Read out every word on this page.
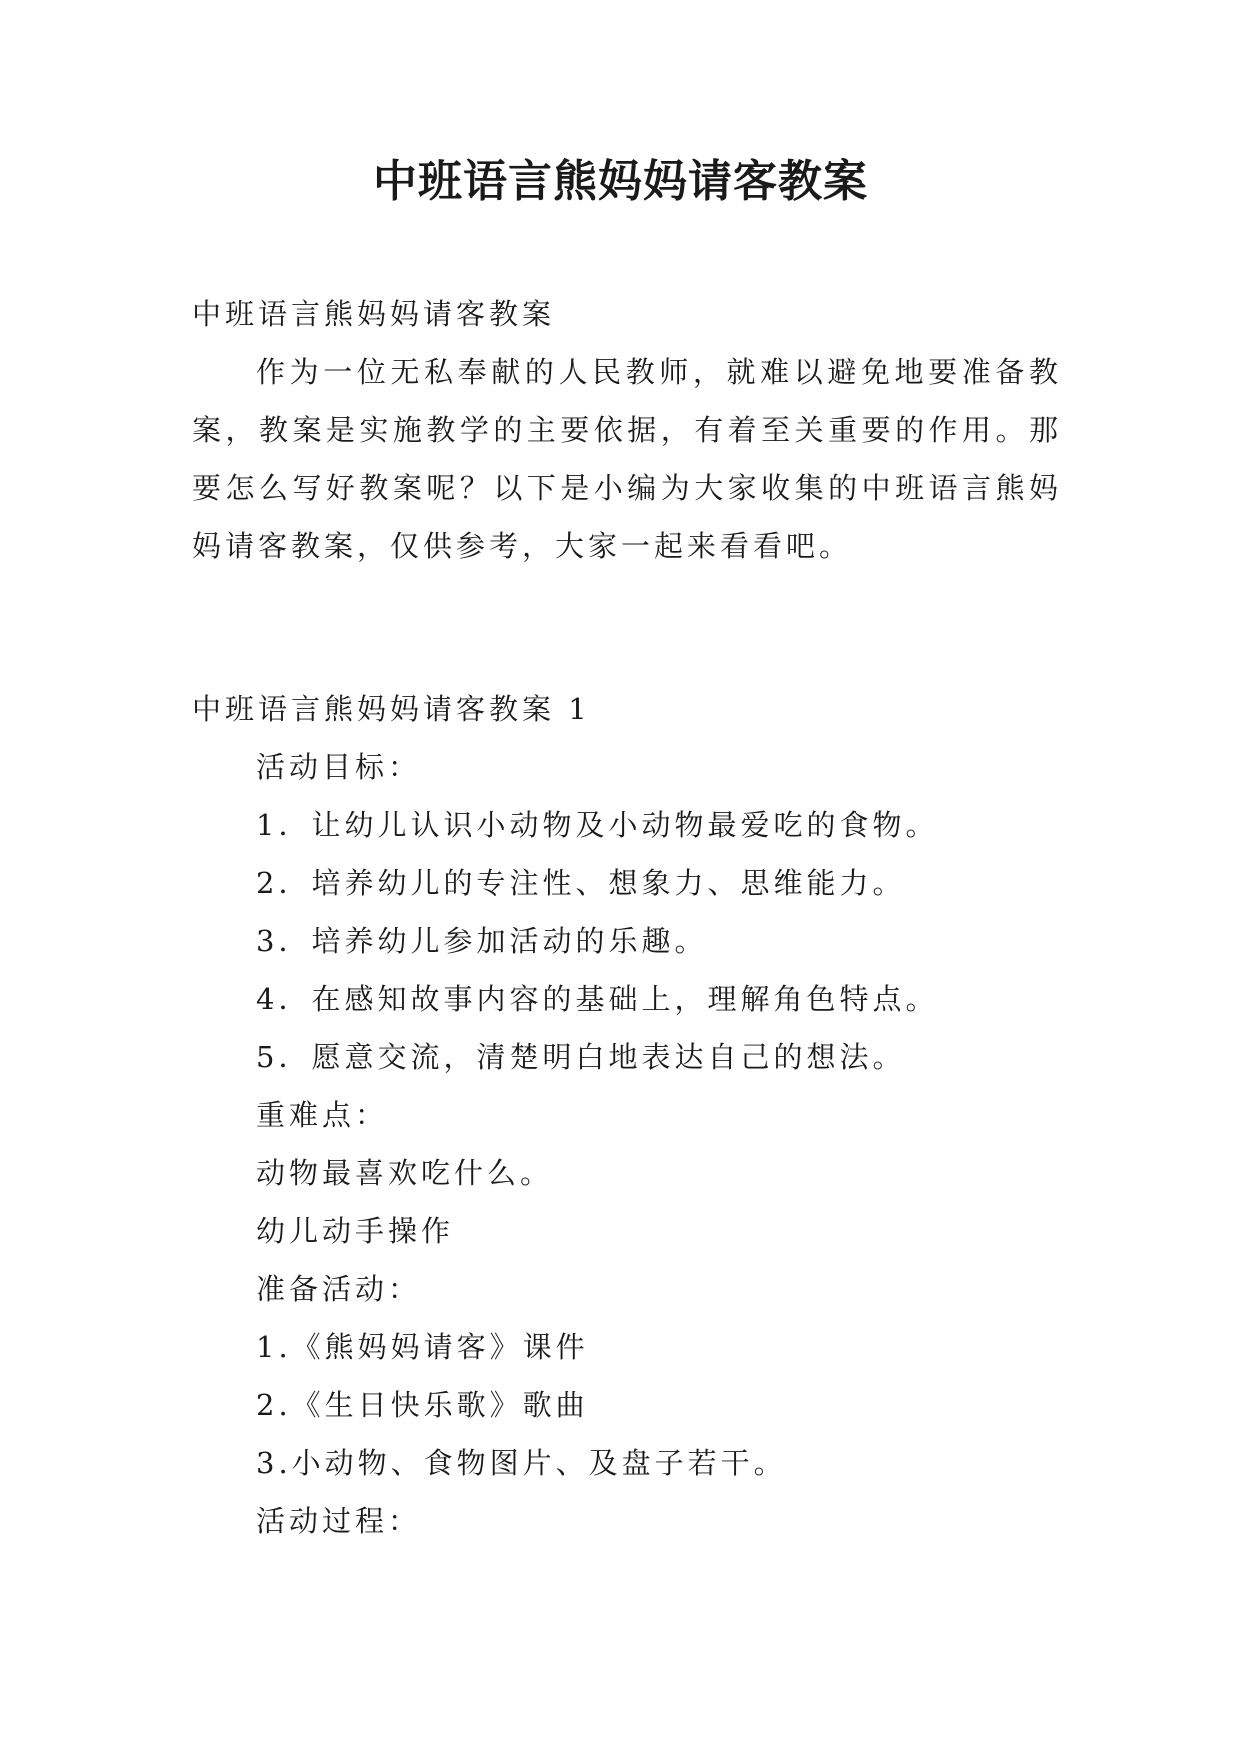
中班语言熊妈妈请客教案
中班语言熊妈妈请客教案

作为一位无私奉献的人民教师，就难以避免地要准备教案，教案是实施教学的主要依据，有着至关重要的作用。那要怎么写好教案呢？以下是小编为大家收集的中班语言熊妈妈请客教案，仅供参考，大家一起来看看吧。

中班语言熊妈妈请客教案 1
活动目标：
1．让幼儿认识小动物及小动物最爱吃的食物。
2．培养幼儿的专注性、想象力、思维能力。
3．培养幼儿参加活动的乐趣。
4．在感知故事内容的基础上，理解角色特点。
5．愿意交流，清楚明白地表达自己的想法。
重难点：
动物最喜欢吃什么。
幼儿动手操作
准备活动：
1.《熊妈妈请客》课件
2.《生日快乐歌》歌曲
3.小动物、食物图片、及盘子若干。
活动过程：
